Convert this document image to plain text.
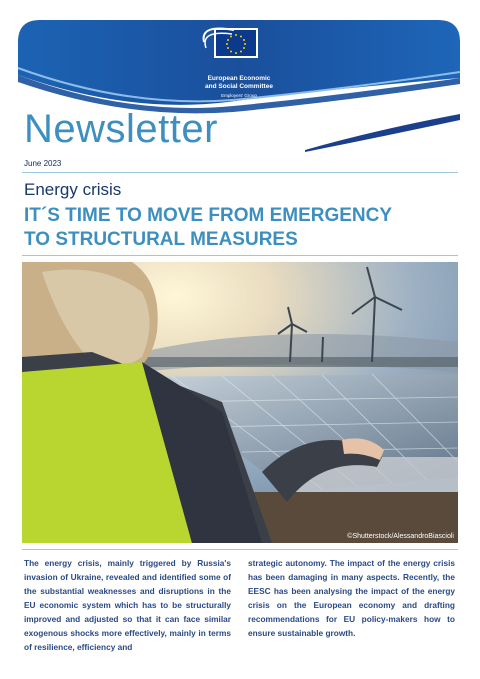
European Economic
and Social Committee
Employers' Group
Newsletter
June 2023
Energy crisis
IT´S TIME TO MOVE FROM EMERGENCY
TO STRUCTURAL MEASURES
©Shutterstock/AlessandroBiascioli
The energy crisis, mainly triggered by Russia's invasion of Ukraine, revealed and identified some of the substantial weaknesses and disruptions in the EU economic system which has to be structurally improved and adjusted so that it can face similar exogenous shocks more effectively, mainly in terms of resilience, efficiency and
strategic autonomy. The impact of the energy crisis has been damaging in many aspects. Recently, the EESC has been analysing the impact of the energy crisis on the European economy and drafting recommendations for EU policy-makers how to ensure sustainable growth.
